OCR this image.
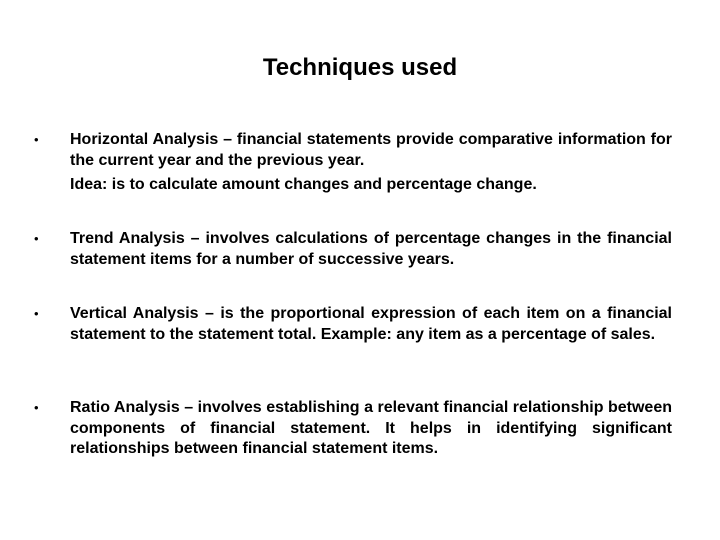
Techniques used
•	Horizontal Analysis – financial statements provide comparative information for the current year and the previous year.
Idea: is to calculate amount changes and percentage change.
•	Trend Analysis – involves calculations of percentage changes in the financial statement items for a number of successive years.
•	Vertical Analysis – is the proportional expression of each item on a financial statement to the statement total. Example: any item as a percentage of sales.
•	Ratio Analysis – involves establishing a relevant financial relationship between components of financial statement. It helps in identifying significant relationships between financial statement items.
